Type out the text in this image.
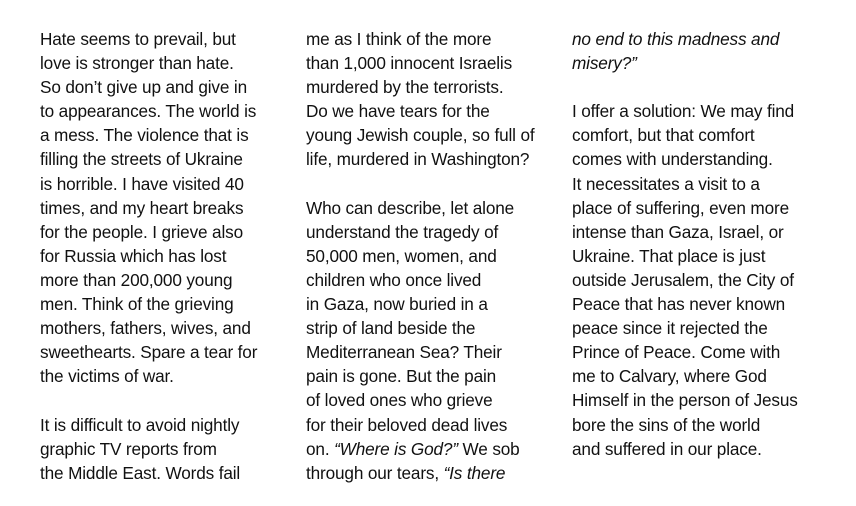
Hate seems to prevail, but
love is stronger than hate.
So don’t give up and give in
to appearances. The world is
a mess. The violence that is
filling the streets of Ukraine
is horrible. I have visited 40
times, and my heart breaks
for the people. I grieve also
for Russia which has lost
more than 200,000 young
men. Think of the grieving
mothers, fathers, wives, and
sweethearts. Spare a tear for
the victims of war.
It is difficult to avoid nightly
graphic TV reports from
the Middle East. Words fail
me as I think of the more
than 1,000 innocent Israelis
murdered by the terrorists.
Do we have tears for the
young Jewish couple, so full of
life, murdered in Washington?
Who can describe, let alone
understand the tragedy of
50,000 men, women, and
children who once lived
in Gaza, now buried in a
strip of land beside the
Mediterranean Sea? Their
pain is gone. But the pain
of loved ones who grieve
for their beloved dead lives
on. “Where is God?” We sob
through our tears, “Is there
no end to this madness and
misery?”
I offer a solution: We may find
comfort, but that comfort
comes with understanding.
It necessitates a visit to a
place of suffering, even more
intense than Gaza, Israel, or
Ukraine. That place is just
outside Jerusalem, the City of
Peace that has never known
peace since it rejected the
Prince of Peace. Come with
me to Calvary, where God
Himself in the person of Jesus
bore the sins of the world
and suffered in our place.
